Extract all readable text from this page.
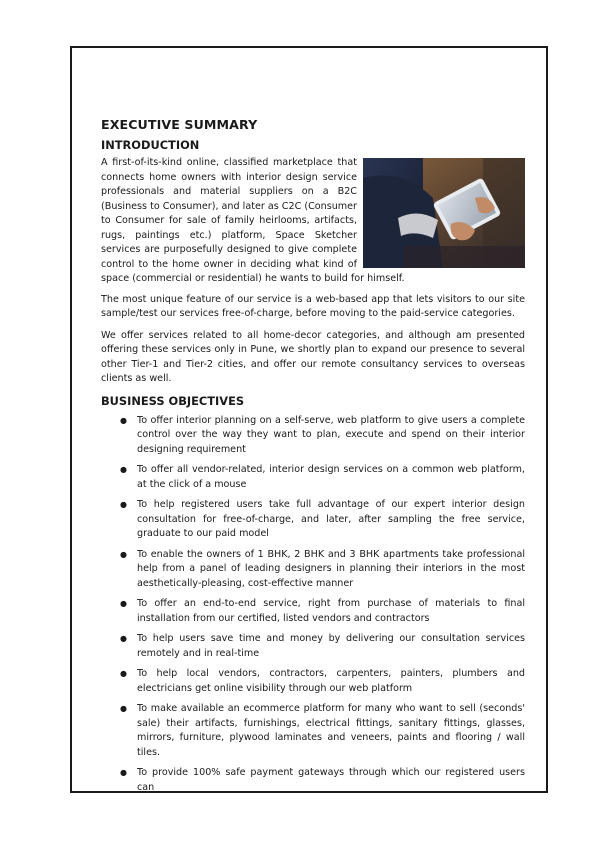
EXECUTIVE SUMMARY
INTRODUCTION

A first-of-its-kind online, classified marketplace that connects home owners with interior design service professionals and material suppliers on a B2C (Business to Consumer), and later as C2C (Consumer to Consumer for sale of family heirlooms, artifacts, rugs, paintings etc.) platform, Space Sketcher services are purposefully designed to give complete control to the home owner in deciding what kind of space (commercial or residential) he wants to build for himself.

The most unique feature of our service is a web-based app that lets visitors to our site sample/test our services free-of-charge, before moving to the paid-service categories.

We offer services related to all home-decor categories, and although am presented offering these services only in Pune, we shortly plan to expand our presence to several other Tier-1 and Tier-2 cities, and offer our remote consultancy services to overseas clients as well.

BUSINESS OBJECTIVES
● To offer interior planning on a self-serve, web platform to give users a complete control over the way they want to plan, execute and spend on their interior designing requirement
● To offer all vendor-related, interior design services on a common web platform, at the click of a mouse
● To help registered users take full advantage of our expert interior design consultation for free-of-charge, and later, after sampling the free service, graduate to our paid model
● To enable the owners of 1 BHK, 2 BHK and 3 BHK apartments take professional help from a panel of leading designers in planning their interiors in the most aesthetically-pleasing, cost-effective manner
● To offer an end-to-end service, right from purchase of materials to final installation from our certified, listed vendors and contractors
● To help users save time and money by delivering our consultation services remotely and in real-time
● To help local vendors, contractors, carpenters, painters, plumbers and electricians get online visibility through our web platform
● To make available an ecommerce platform for many who want to sell (seconds' sale) their artifacts, furnishings, electrical fittings, sanitary fittings, glasses, mirrors, furniture, plywood laminates and veneers, paints and flooring / wall tiles.
● To provide 100% safe payment gateways through which our registered users can
